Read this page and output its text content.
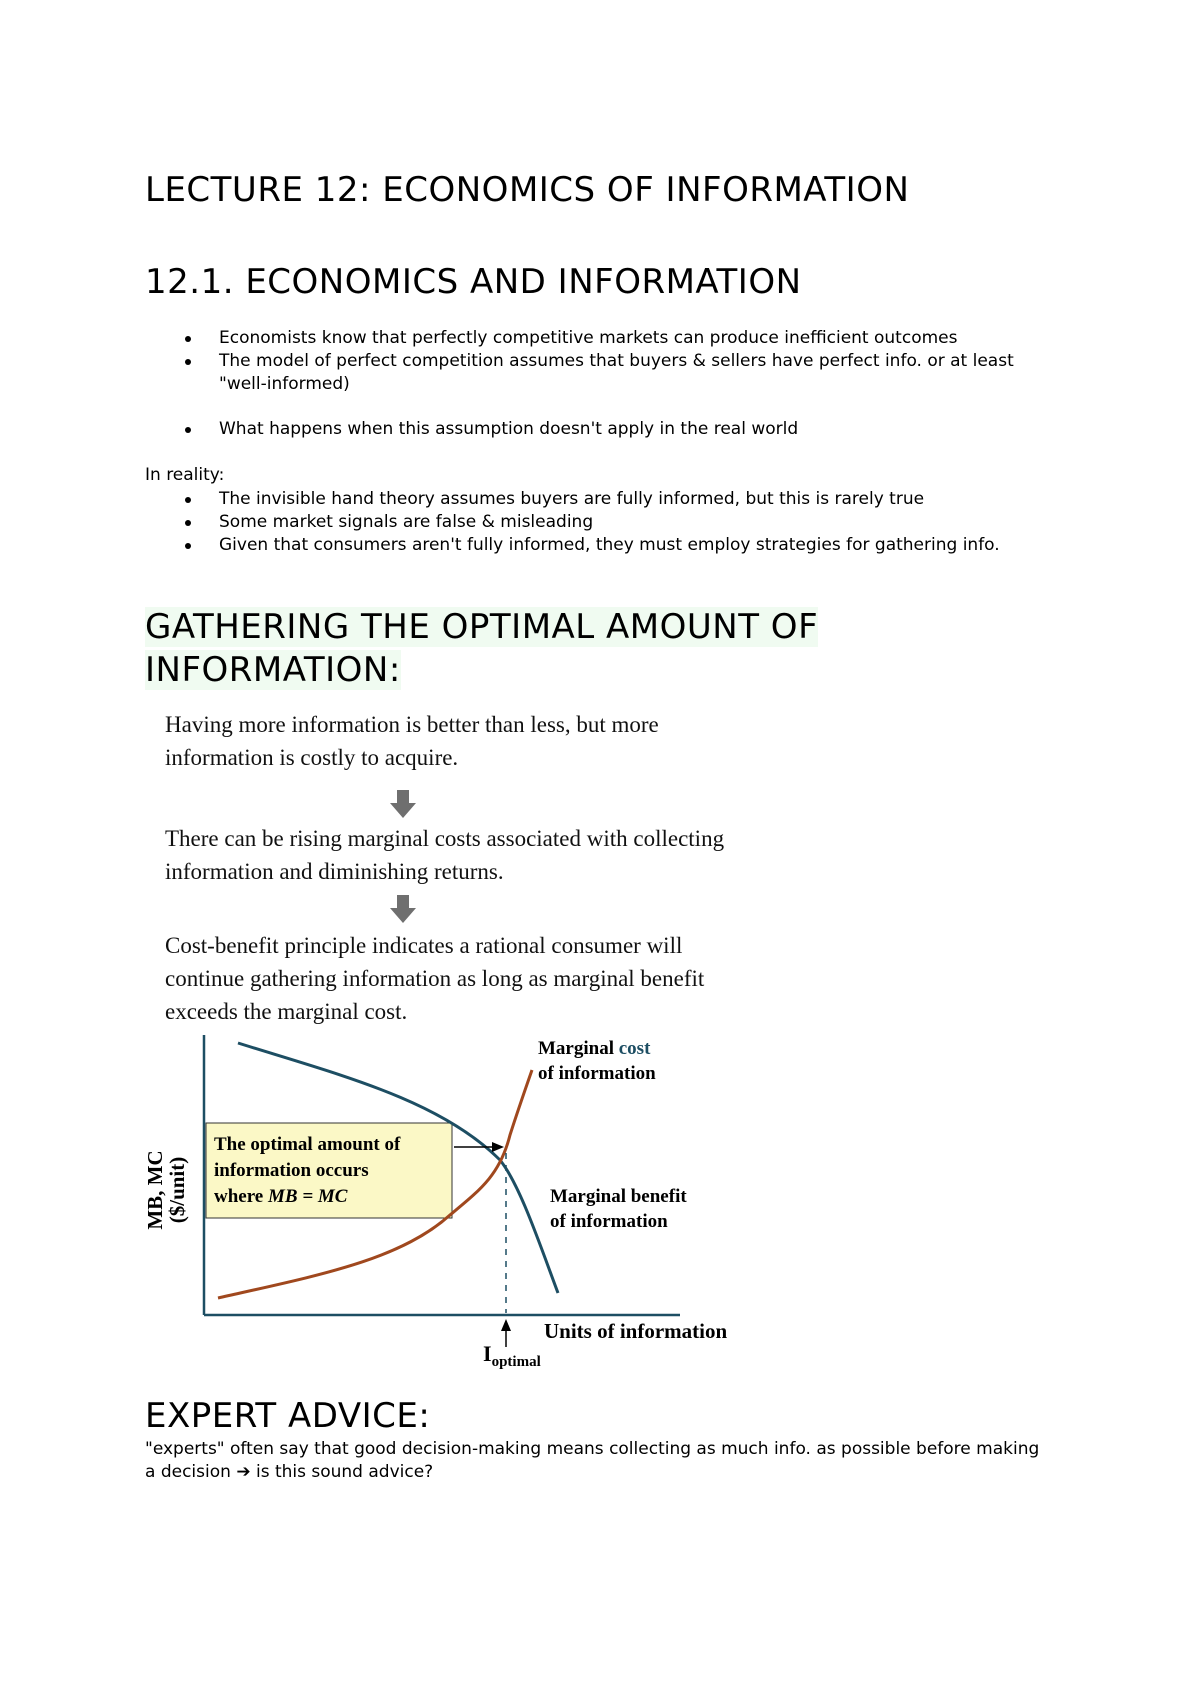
LECTURE 12: ECONOMICS OF INFORMATION
12.1. ECONOMICS AND INFORMATION
Economists know that perfectly competitive markets can produce inefficient outcomes
The model of perfect competition assumes that buyers & sellers have perfect info. or at least "well-informed)
What happens when this assumption doesn't apply in the real world
In reality:
The invisible hand theory assumes buyers are fully informed, but this is rarely true
Some market signals are false & misleading
Given that consumers aren't fully informed, they must employ strategies for gathering info.
GATHERING THE OPTIMAL AMOUNT OF INFORMATION:
Having more information is better than less, but more information is costly to acquire.
There can be rising marginal costs associated with collecting information and diminishing returns.
Cost-benefit principle indicates a rational consumer will continue gathering information as long as marginal benefit exceeds the marginal cost.
MB, MC
($/unit)
The optimal amount of
information occurs
where MB = MC
$I_{optimal}$
Units of information
Marginal cost
of information
Marginal benefit
of information
EXPERT ADVICE:

"experts" often say that good decision-making means collecting as much info. as possible before making a decision ➔ is this sound advice?
